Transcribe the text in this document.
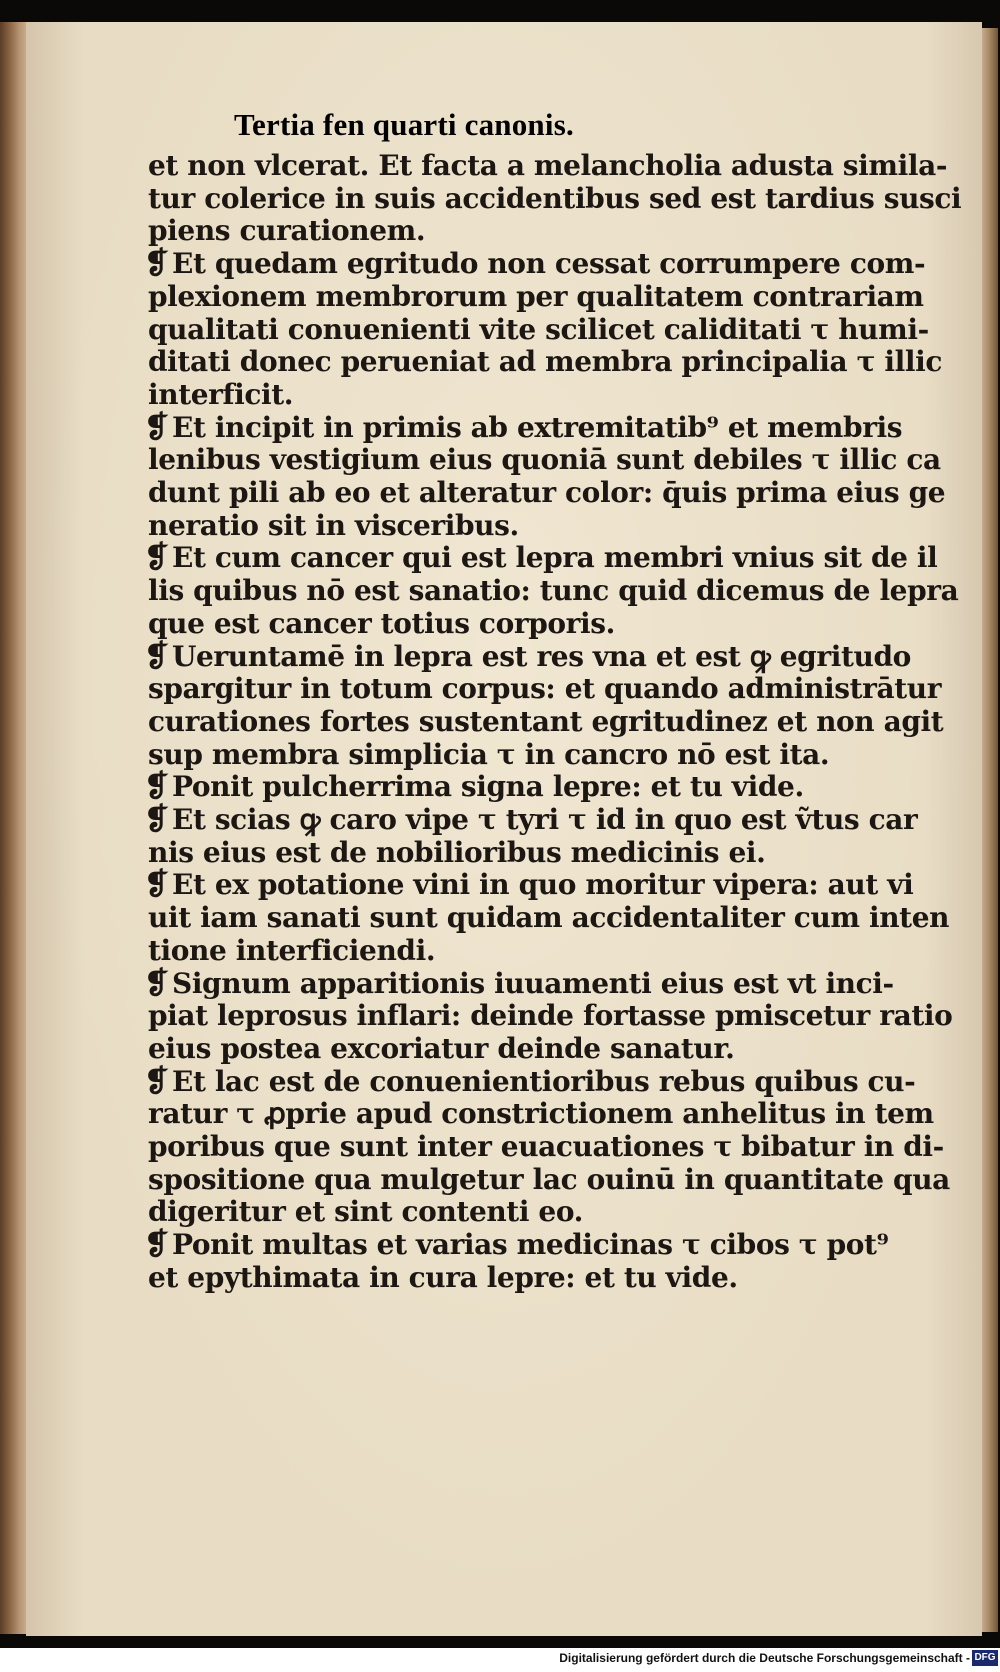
Tertia fen quarti canonis.
et non vlcerat. Et facta a melancholia adusta simila-
tur colerice in suis accidentibus sed est tardius susci
piens curationem.
❡ Et quedam egritudo non cessat corrumpere com-
plexionem membrorum per qualitatem contrariam
qualitati conuenienti vite scilicet caliditati τ humi-
ditati donec perueniat ad membra principalia τ illic
interficit.
❡ Et incipit in primis ab extremitatib⁹ et membris
lenibus vestigium eius quoniā sunt debiles τ illic ca
dunt pili ab eo et alteratur color: q̄uis prima eius ge
neratio sit in visceribus.
❡ Et cum cancer qui est lepra membri vnius sit de il
lis quibus nō est sanatio: tunc quid dicemus de lepra
que est cancer totius corporis.
❡ Ueruntamē in lepra est res vna et est ꝙ egritudo
spargitur in totum corpus: et quando administrātur
curationes fortes sustentant egritudinez et non agit
sup membra simplicia τ in cancro nō est ita.
❡ Ponit pulcherrima signa lepre: et tu vide.
❡ Et scias ꝙ caro vipe τ tyri τ id in quo est ṽtus car
nis eius est de nobilioribus medicinis ei.
❡ Et ex potatione vini in quo moritur vipera: aut vi
uit iam sanati sunt quidam accidentaliter cum inten
tione interficiendi.
❡ Signum apparitionis iuuamenti eius est vt inci-
piat leprosus inflari: deinde fortasse pmiscetur ratio
eius postea excoriatur deinde sanatur.
❡ Et lac est de conuenientioribus rebus quibus cu-
ratur τ ꝓprie apud constrictionem anhelitus in tem
poribus que sunt inter euacuationes τ bibatur in di-
spositione qua mulgetur lac ouinū in quantitate qua
digeritur et sint contenti eo.
❡ Ponit multas et varias medicinas τ cibos τ pot⁹
et epythimata in cura lepre: et tu vide.
Digitalisierung gefördert durch die Deutsche Forschungsgemeinschaft - DFG
